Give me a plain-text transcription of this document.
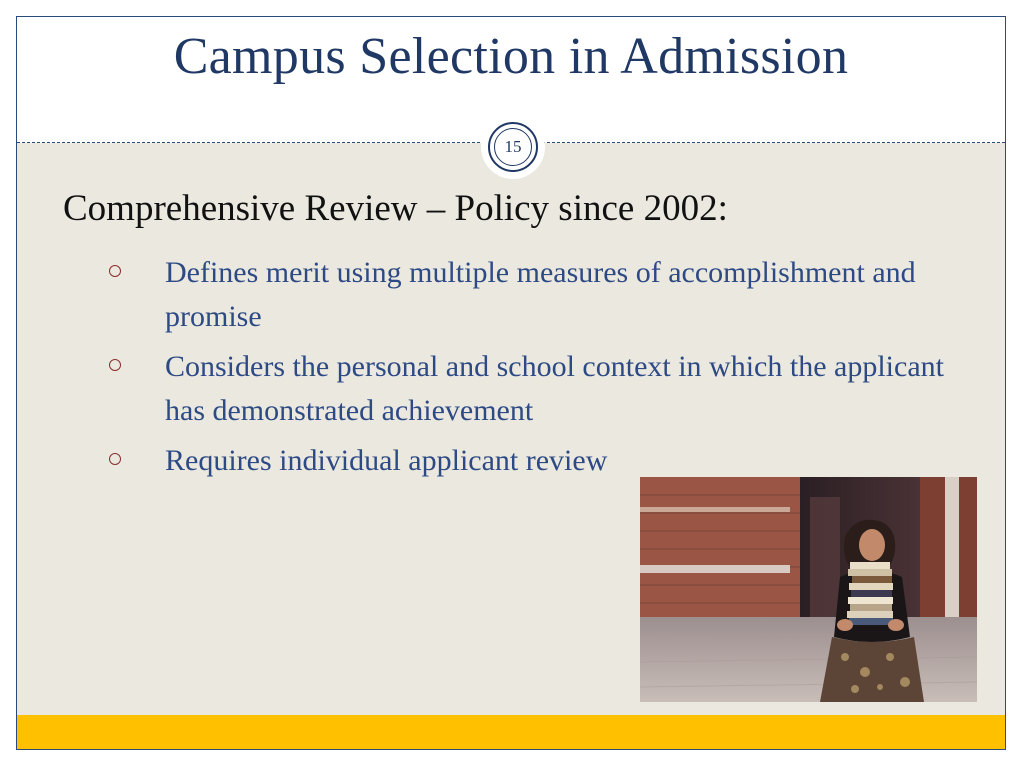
Campus Selection in Admission
15
Comprehensive Review – Policy since 2002:
Defines merit using multiple measures of accomplishment and promise
Considers the personal and school context in which the applicant has demonstrated achievement
Requires individual applicant review
